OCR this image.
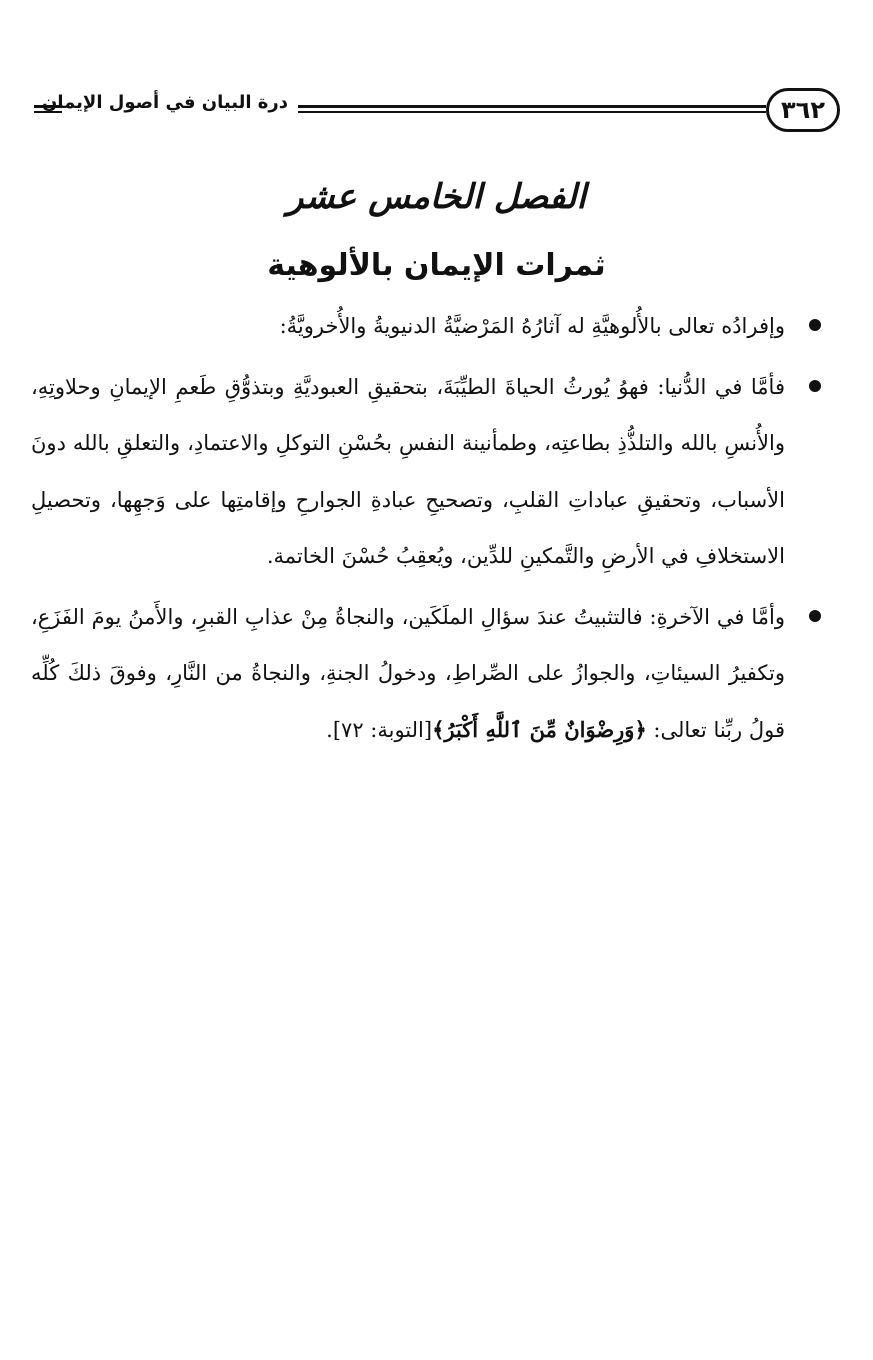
٣٦٢
درة البيان في أصول الإيمان
الفصل الخامس عشر
ثمرات الإيمان بالألوهية
وإفرادُه تعالى بالأُلوهيَّةِ له آثارُهُ المَرْضيَّةُ الدنيويةُ والأُخرويَّةُ:
فأمَّا في الدُّنيا: فهوُ يُورثُ الحياةَ الطيِّبَةَ، بتحقيقِ العبوديَّةِ وبتذوُّقِ طَعمِ الإيمانِ وحلاوتِهِ، والأُنسِ بالله والتلذُّذِ بطاعتِه، وطمأنينة النفسِ بحُسْنِ التوكلِ والاعتمادِ، والتعلقِ بالله دونَ الأسباب، وتحقيقِ عباداتِ القلبِ، وتصحيحِ عبادةِ الجوارحِ وإقامتِها على وَجهِها، وتحصيلِ الاستخلافِ في الأرضِ والتَّمكينِ للدِّين، ويُعقِبُ حُسْنَ الخاتمة.
وأمَّا في الآخرةِ: فالتثبيتُ عندَ سؤالِ الملَكَين، والنجاةُ مِنْ عذابِ القبرِ، والأَمنُ يومَ الفَزَعِ، وتكفيرُ السيئاتِ، والجوازُ على الصِّراطِ، ودخولُ الجنةِ، والنجاةُ من النَّارِ، وفوقَ ذلكَ كُلِّه قولُ ربِّنا تعالى: ﴿وَرِضْوَانٌ مِّنَ ٱللَّهِ أَكْبَرُ﴾[التوبة: ٧٢].
